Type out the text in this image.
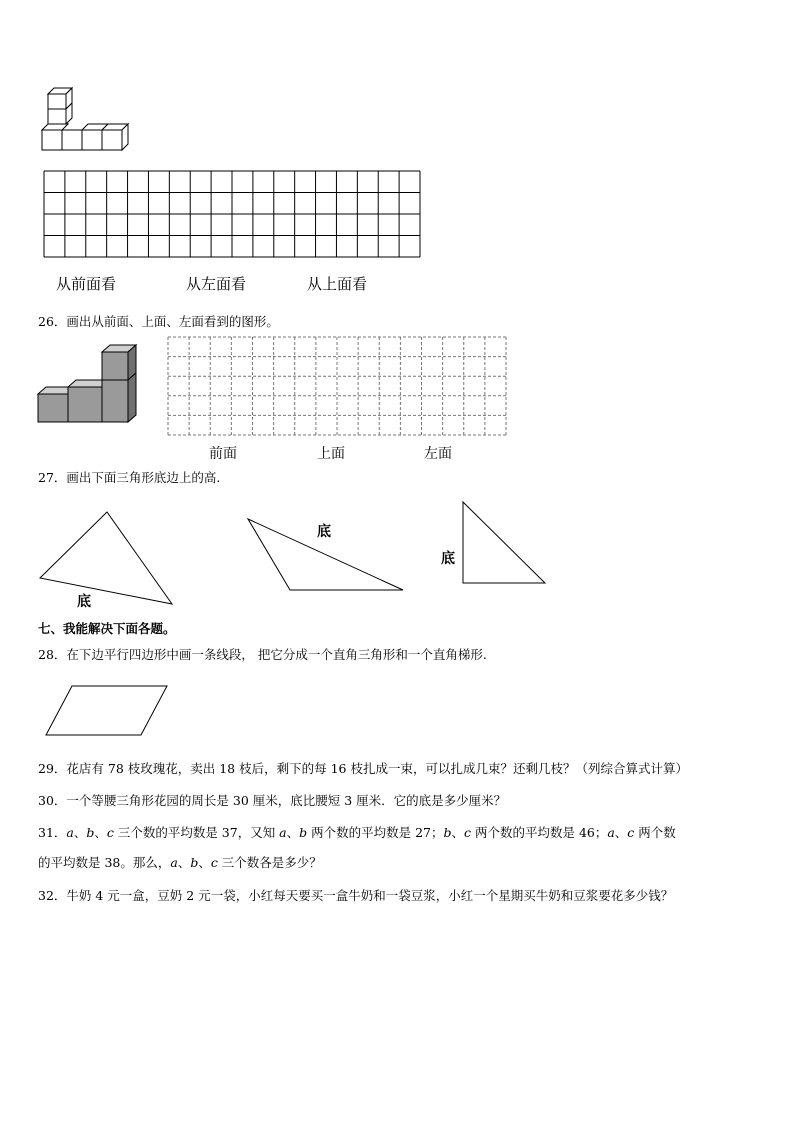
从前面看	从左面看	从上面看
26．画出从前面、上面、左面看到的图形。
前面	上面	左面
27．画出下面三角形底边上的高.
底
底
底
七、我能解决下面各题。
28．在下边平行四边形中画一条线段， 把它分成一个直角三角形和一个直角梯形.
29．花店有 78 枝玫瑰花，卖出 18 枝后，剩下的每 16 枝扎成一束，可以扎成几束？还剩几枝？（列综合算式计算）
30．一个等腰三角形花园的周长是 30 厘米，底比腰短 3 厘米．它的底是多少厘米？
31．𝑎、𝑏、𝑐 三个数的平均数是 37，又知 𝑎、𝑏 两个数的平均数是 27；𝑏、𝑐 两个数的平均数是 46；𝑎、𝑐 两个数
的平均数是 38。那么，𝑎、𝑏、𝑐 三个数各是多少？
32．牛奶 4 元一盒，豆奶 2 元一袋，小红每天要买一盒牛奶和一袋豆浆，小红一个星期买牛奶和豆浆要花多少钱？
